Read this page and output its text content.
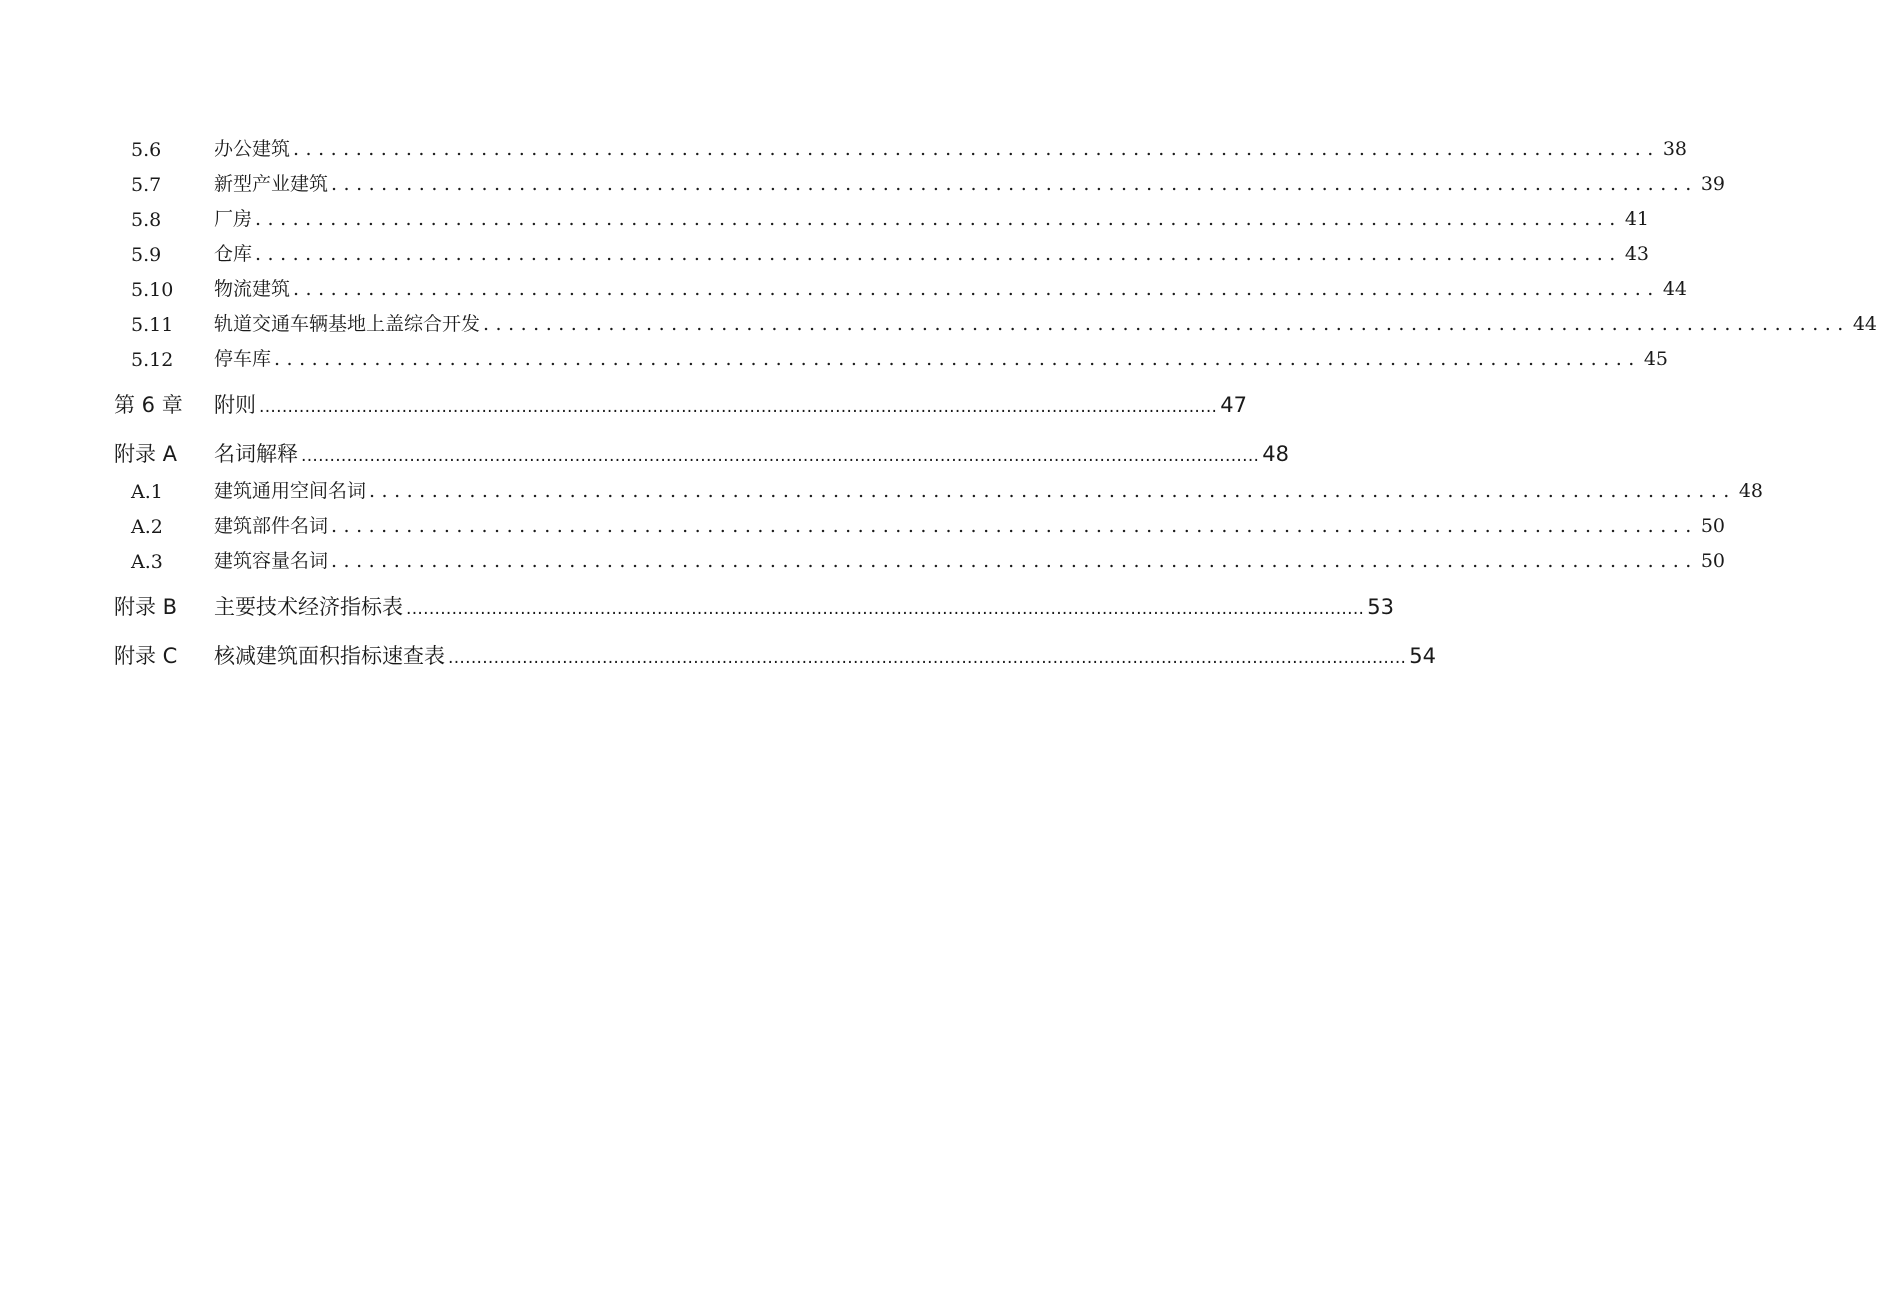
5.6	办公建筑 ............................................................................................................. 38
5.7	新型产业建筑 ............................................................................................................. 39
5.8	厂房 ............................................................................................................. 41
5.9	仓库 ............................................................................................................. 43
5.10 物流建筑 ............................................................................................................. 44
5.11 轨道交通车辆基地上盖综合开发 ............................................................................................................. 44
5.12 停车库 ............................................................................................................. 45
第 6 章 附则 ........................................................................................................................................................................ 47
附录 A 名词解释 ........................................................................................................................................................................ 48
A.1	建筑通用空间名词 ............................................................................................................. 48
A.2	建筑部件名词 ............................................................................................................. 50
A.3	建筑容量名词 ............................................................................................................. 50
附录 B 主要技术经济指标表 ........................................................................................................................................................................ 53
附录 C 核减建筑面积指标速查表 ........................................................................................................................................................................ 54
